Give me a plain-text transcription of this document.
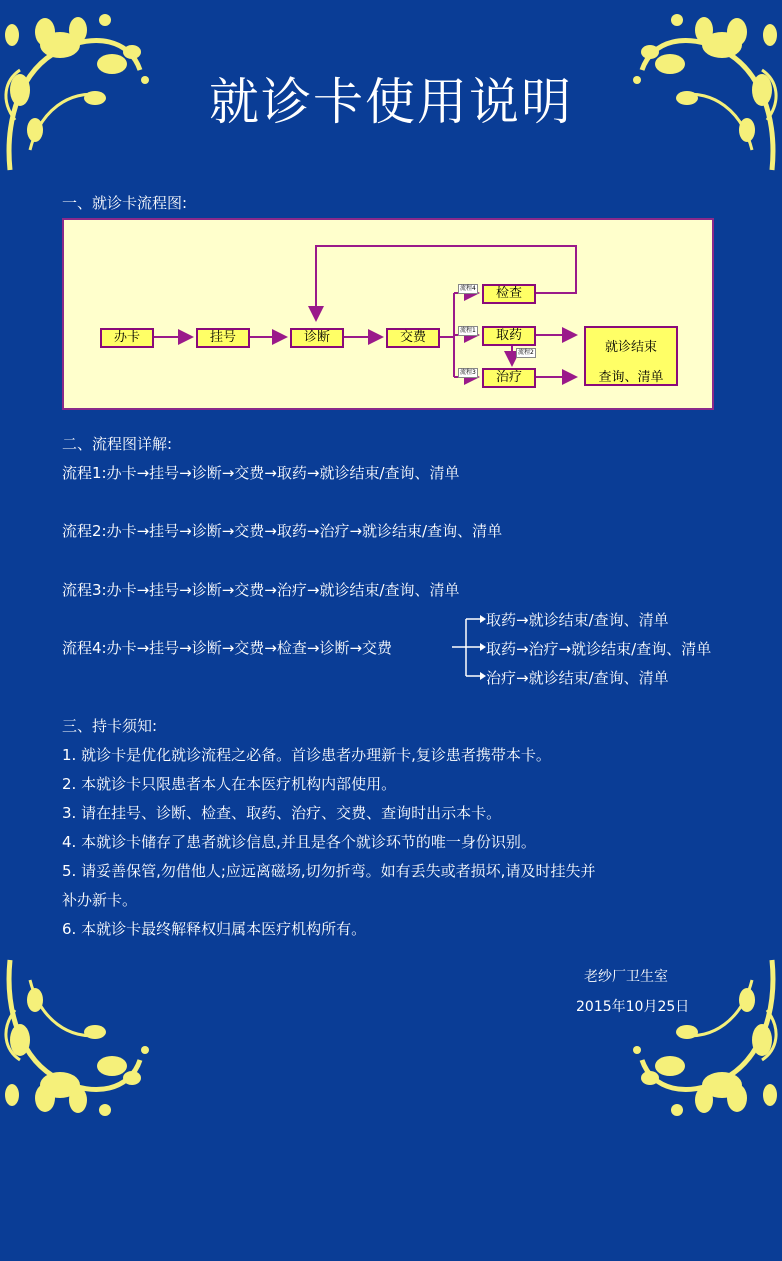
就诊卡使用说明
一、就诊卡流程图:
办卡	挂号	诊断	交费
检查
取药
治疗
流程4
流程1
流程3
流程2	就诊结束
查询、清单
二、流程图详解:
流程1:办卡→挂号→诊断→交费→取药→就诊结束/查询、清单
流程2:办卡→挂号→诊断→交费→取药→治疗→就诊结束/查询、清单
流程3:办卡→挂号→诊断→交费→治疗→就诊结束/查询、清单
流程4:办卡→挂号→诊断→交费→检查→诊断→交费
取药→就诊结束/查询、清单
取药→治疗→就诊结束/查询、清单
治疗→就诊结束/查询、清单
三、持卡须知:
1. 就诊卡是优化就诊流程之必备。首诊患者办理新卡,复诊患者携带本卡。
2. 本就诊卡只限患者本人在本医疗机构内部使用。
3. 请在挂号、诊断、检查、取药、治疗、交费、查询时出示本卡。
4. 本就诊卡储存了患者就诊信息,并且是各个就诊环节的唯一身份识别。
5. 请妥善保管,勿借他人;应远离磁场,切勿折弯。如有丢失或者损坏,请及时挂失并
补办新卡。
6. 本就诊卡最终解释权归属本医疗机构所有。
老纱厂卫生室
2015年10月25日
